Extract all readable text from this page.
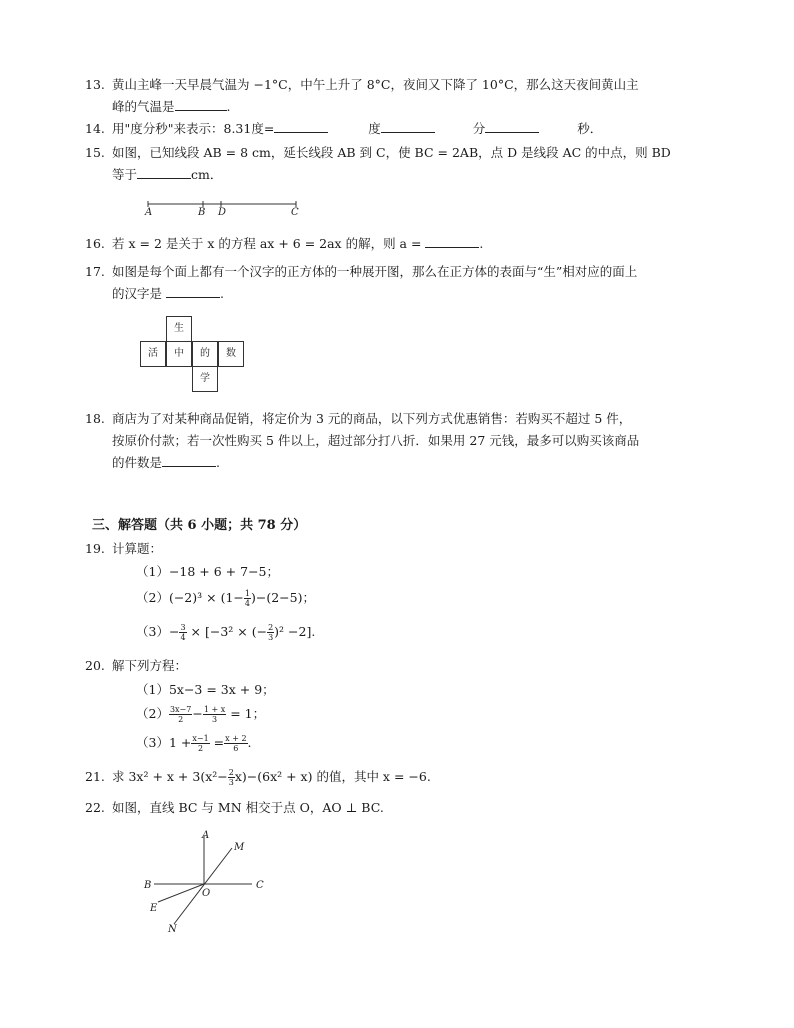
13. 黄山主峰一天早晨气温为 −1°C，中午上升了 8°C，夜间又下降了 10°C，那么这天夜间黄山主
峰的气温是	.
14. 用"度分秒"来表示：8.31度=	度	分	秒．
15. 如图，已知线段 AB = 8 cm，延长线段 AB 到 C，使 BC = 2AB，点 D 是线段 AC 的中点，则 BD
等于	cm．
A	B D	C
16. 若 x = 2 是关于 x 的方程 ax + 6 = 2ax 的解，则 a =	.
17. 如图是每个面上都有一个汉字的正方体的一种展开图，那么在正方体的表面与“生”相对应的面上
的汉字是	.
生
活	中	的	数
学
18. 商店为了对某种商品促销，将定价为 3 元的商品，以下列方式优惠销售：若购买不超过 5 件，
按原价付款；若一次性购买 5 件以上，超过部分打八折．如果用 27 元钱，最多可以购买该商品
的件数是	.
三、解答题（共 6 小题；共 78 分）
19. 计算题：
（1）−18 + 6 + 7−5；
$(2)(-2)^3 \times (1- \frac{1}{4} )-(2-5)$；
$(3)- \frac{3}{4} \times [-3^2$ × (− $\frac{2}{3} )^2 -2$].
20. 解下列方程：
（1）5x−3 = 3x + 9；
$(2) \frac{3x-7}{2} - \frac{1 + x}{3} = 1$；
$(3)1 + \frac{x-1}{2} = \frac{x + 2}{6}$ .
21. 求 $3x^2 + x + 3(x^2- \frac{2}{3} x)-(6x^2 + x)$ 的值，其中 x = −6.
22. 如图，直线 BC 与 MN 相交于点 O，AO ⊥ BC.
A
M
B
O
C
E
N
